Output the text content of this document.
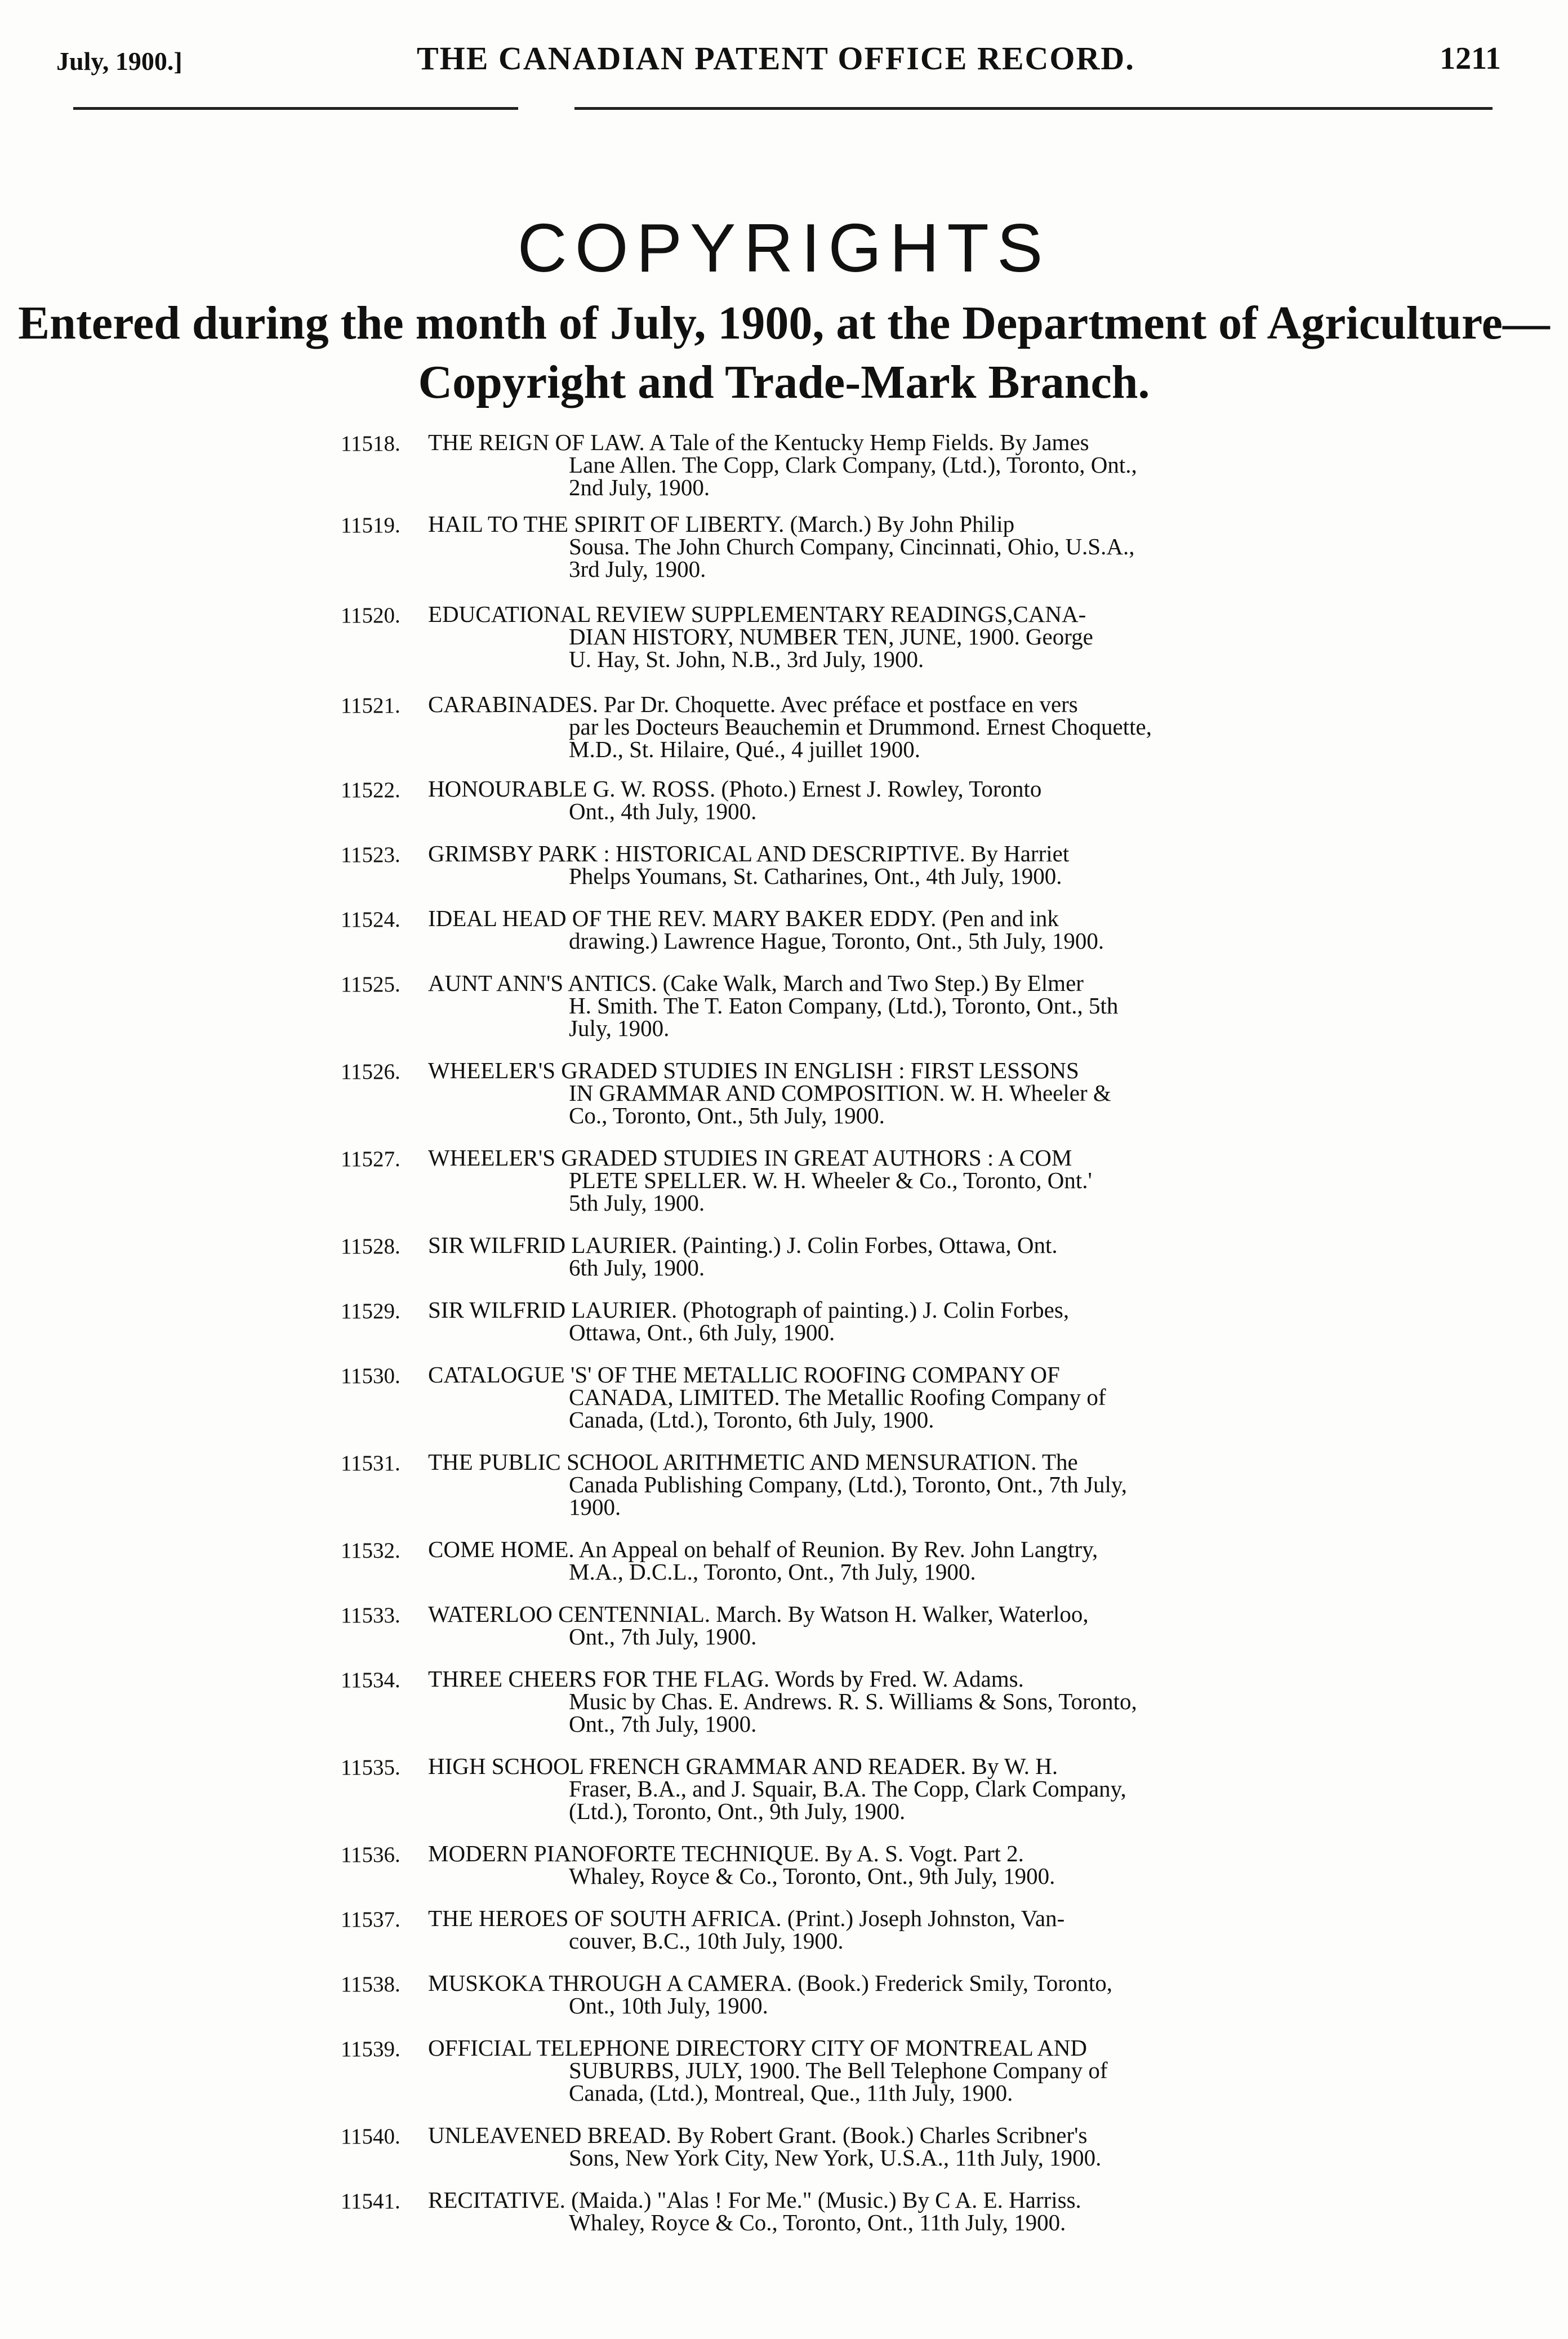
July, 1900.]	THE CANADIAN PATENT OFFICE RECORD.	1211
COPYRIGHTS
Entered during the month of July, 1900, at the Department of Agriculture—
Copyright and Trade-Mark Branch.
11518. THE REIGN OF LAW. A Tale of the Kentucky Hemp Fields. By James
Lane Allen. The Copp, Clark Company, (Ltd.), Toronto, Ont.,
2nd July, 1900.
11519. HAIL TO THE SPIRIT OF LIBERTY. (March.) By John Philip
Sousa. The John Church Company, Cincinnati, Ohio, U.S.A.,
3rd July, 1900.
11520. EDUCATIONAL REVIEW SUPPLEMENTARY READINGS,CANA-
DIAN HISTORY, NUMBER TEN, JUNE, 1900. George
U. Hay, St. John, N.B., 3rd July, 1900.
11521. CARABINADES. Par Dr. Choquette. Avec préface et postface en vers
par les Docteurs Beauchemin et Drummond. Ernest Choquette,
M.D., St. Hilaire, Qué., 4 juillet 1900.
11522. HONOURABLE G. W. ROSS. (Photo.) Ernest J. Rowley, Toronto
Ont., 4th July, 1900.
11523. GRIMSBY PARK : HISTORICAL AND DESCRIPTIVE. By Harriet
Phelps Youmans, St. Catharines, Ont., 4th July, 1900.
11524. IDEAL HEAD OF THE REV. MARY BAKER EDDY. (Pen and ink
drawing.) Lawrence Hague, Toronto, Ont., 5th July, 1900.
11525. AUNT ANN'S ANTICS. (Cake Walk, March and Two Step.) By Elmer
H. Smith. The T. Eaton Company, (Ltd.), Toronto, Ont., 5th
July, 1900.
11526. WHEELER'S GRADED STUDIES IN ENGLISH : FIRST LESSONS
IN GRAMMAR AND COMPOSITION. W. H. Wheeler &
Co., Toronto, Ont., 5th July, 1900.
11527. WHEELER'S GRADED STUDIES IN GREAT AUTHORS : A COM
PLETE SPELLER. W. H. Wheeler & Co., Toronto, Ont.'
5th July, 1900.
11528. SIR WILFRID LAURIER. (Painting.) J. Colin Forbes, Ottawa, Ont.
6th July, 1900.
11529. SIR WILFRID LAURIER. (Photograph of painting.) J. Colin Forbes,
Ottawa, Ont., 6th July, 1900.
11530. CATALOGUE 'S' OF THE METALLIC ROOFING COMPANY OF
CANADA, LIMITED. The Metallic Roofing Company of
Canada, (Ltd.), Toronto, 6th July, 1900.
11531. THE PUBLIC SCHOOL ARITHMETIC AND MENSURATION. The
Canada Publishing Company, (Ltd.), Toronto, Ont., 7th July,
1900.
11532. COME HOME. An Appeal on behalf of Reunion. By Rev. John Langtry,
M.A., D.C.L., Toronto, Ont., 7th July, 1900.
11533. WATERLOO CENTENNIAL. March. By Watson H. Walker, Waterloo,
Ont., 7th July, 1900.
11534. THREE CHEERS FOR THE FLAG. Words by Fred. W. Adams.
Music by Chas. E. Andrews. R. S. Williams & Sons, Toronto,
Ont., 7th July, 1900.
11535. HIGH SCHOOL FRENCH GRAMMAR AND READER. By W. H.
Fraser, B.A., and J. Squair, B.A. The Copp, Clark Company,
(Ltd.), Toronto, Ont., 9th July, 1900.
11536. MODERN PIANOFORTE TECHNIQUE. By A. S. Vogt. Part 2.
Whaley, Royce & Co., Toronto, Ont., 9th July, 1900.
11537. THE HEROES OF SOUTH AFRICA. (Print.) Joseph Johnston, Van-
couver, B.C., 10th July, 1900.
11538. MUSKOKA THROUGH A CAMERA. (Book.) Frederick Smily, Toronto,
Ont., 10th July, 1900.
11539. OFFICIAL TELEPHONE DIRECTORY CITY OF MONTREAL AND
SUBURBS, JULY, 1900. The Bell Telephone Company of
Canada, (Ltd.), Montreal, Que., 11th July, 1900.
11540. UNLEAVENED BREAD. By Robert Grant. (Book.) Charles Scribner's
Sons, New York City, New York, U.S.A., 11th July, 1900.
11541. RECITATIVE. (Maida.) "Alas ! For Me." (Music.) By C A. E. Harriss.
Whaley, Royce & Co., Toronto, Ont., 11th July, 1900.
